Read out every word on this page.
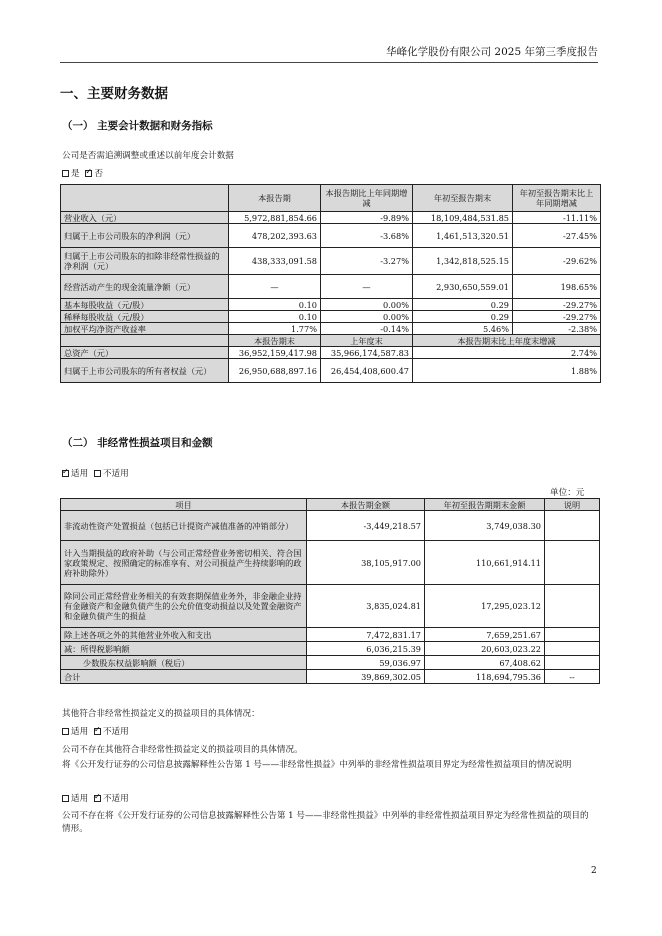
华峰化学股份有限公司 2025 年第三季度报告
一、主要财务数据
（一） 主要会计数据和财务指标
公司是否需追溯调整或重述以前年度会计数据
是 ✓ 否
	本报告期	本报告期比上年同期增减	年初至报告期末	年初至报告期末比上年同期增减
营业收入（元）	5,972,881,854.66	-9.89%	18,109,484,531.85	-11.11%
归属于上市公司股东的净利润（元）	478,202,393.63	-3.68%	1,461,513,320.51	-27.45%
归属于上市公司股东的扣除非经常性损益的净利润（元）	438,333,091.58	-3.27%	1,342,818,525.15	-29.62%
经营活动产生的现金流量净额（元）	—	—	2,930,650,559.01	198.65%
基本每股收益（元/股）	0.10	0.00%	0.29	-29.27%
稀释每股收益（元/股）	0.10	0.00%	0.29	-29.27%
加权平均净资产收益率	1.77%	-0.14%	5.46%	-2.38%
	本报告期末	上年度末	本报告期末比上年度末增减	
总资产（元）	36,952,159,417.98	35,966,174,587.83	2.74%	
归属于上市公司股东的所有者权益（元）	26,950,688,897.16	26,454,408,600.47	1.88%	
（二） 非经常性损益项目和金额
✓适用 不适用
单位：元
项目	本报告期金额	年初至报告期期末金额	说明
非流动性资产处置损益（包括已计提资产减值准备的冲销部分）	-3,449,218.57	3,749,038.30	
计入当期损益的政府补助（与公司正常经营业务密切相关、符合国家政策规定、按照确定的标准享有、对公司损益产生持续影响的政府补助除外）	38,105,917.00	110,661,914.11	
除同公司正常经营业务相关的有效套期保值业务外，非金融企业持有金融资产和金融负债产生的公允价值变动损益以及处置金融资产和金融负债产生的损益	3,835,024.81	17,295,023.12	
除上述各项之外的其他营业外收入和支出	7,472,831.17	7,659,251.67	
减：所得税影响额	6,036,215.39	20,603,023.22	
少数股东权益影响额（税后）	59,036.97	67,408.62	
合计	39,869,302.05	118,694,795.36	--
其他符合非经常性损益定义的损益项目的具体情况：
适用 ✓ 不适用
公司不存在其他符合非经常性损益定义的损益项目的具体情况。
将《公开发行证券的公司信息披露解释性公告第 1 号——非经常性损益》中列举的非经常性损益项目界定为经常性损益项目的情况说明
适用 ✓ 不适用
公司不存在将《公开发行证券的公司信息披露解释性公告第 1 号——非经常性损益》中列举的非经常性损益项目界定为经常性损益的项目的情形。
2
